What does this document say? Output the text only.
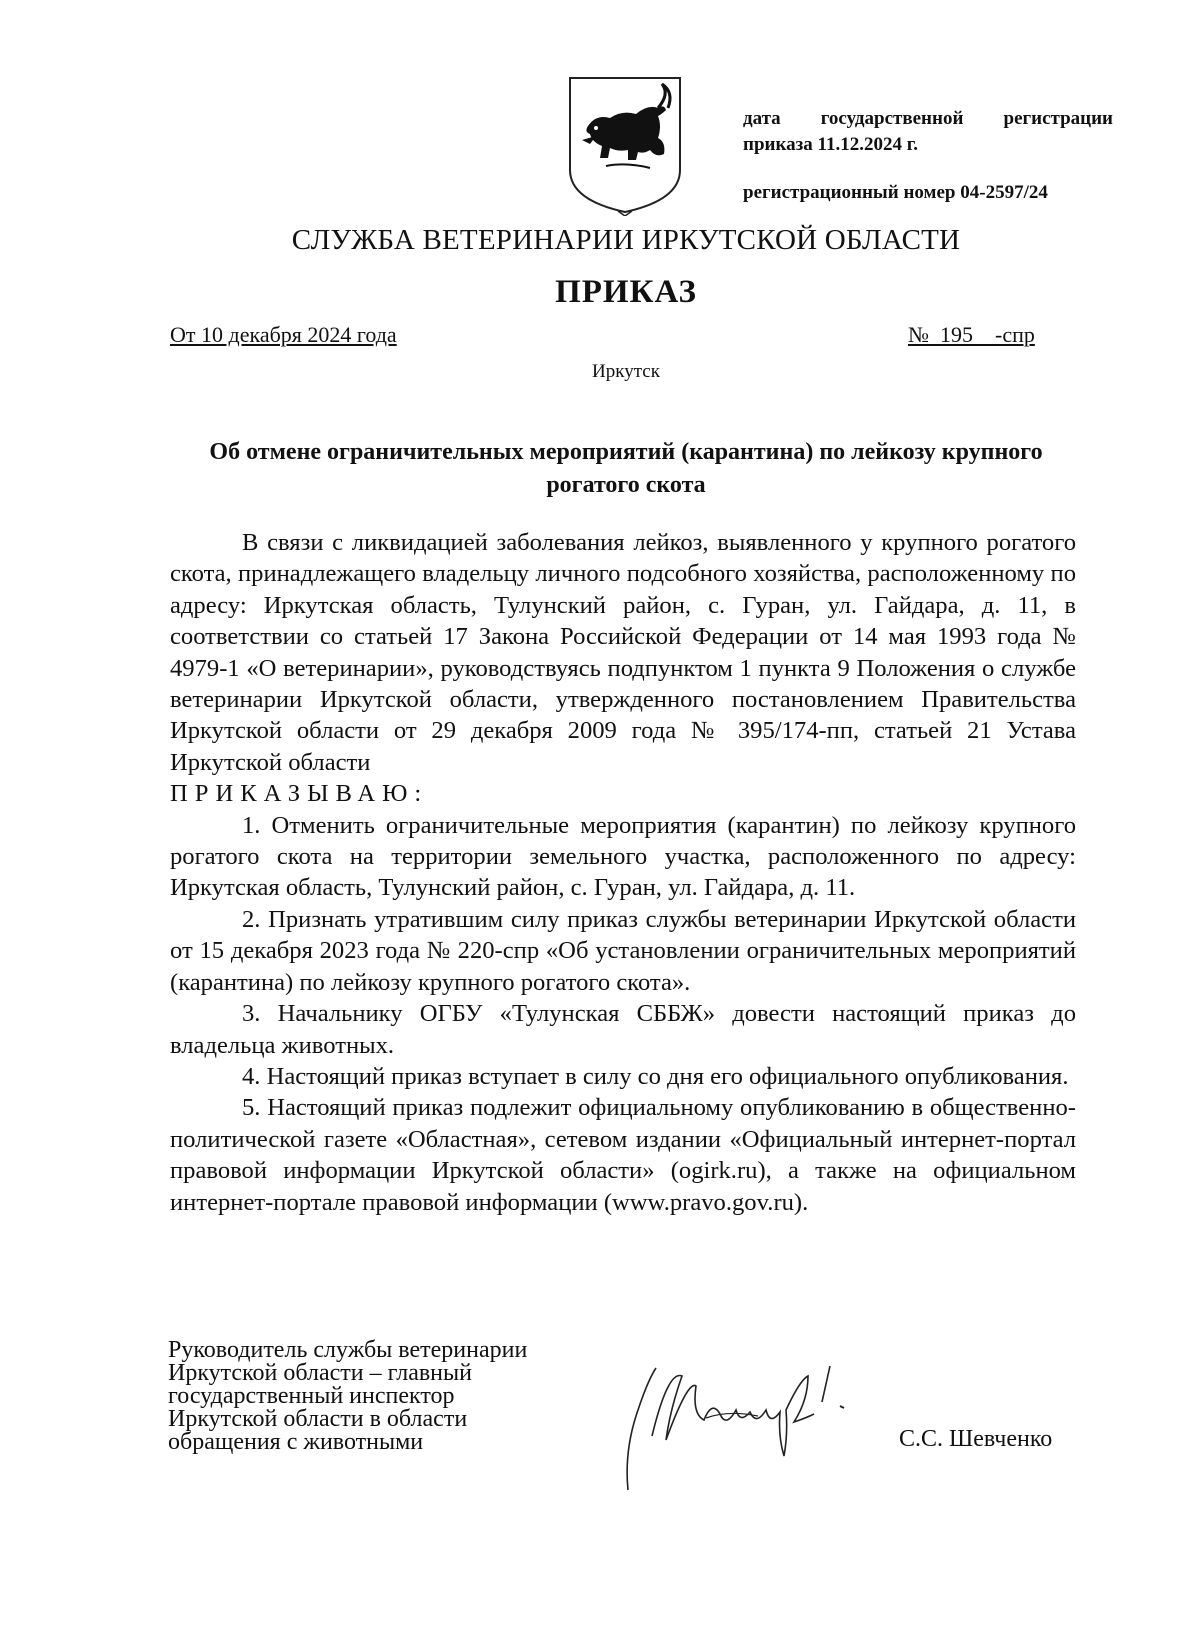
дата государственной регистрации
приказа 11.12.2024 г.
регистрационный номер 04-2597/24
СЛУЖБА ВЕТЕРИНАРИИ ИРКУТСКОЙ ОБЛАСТИ
ПРИКАЗ
От 10 декабря 2024 года	№  195    -спр
Иркутск
Об отмене ограничительных мероприятий (карантина) по лейкозу крупного рогатого скота

В связи с ликвидацией заболевания лейкоз, выявленного у крупного рогатого скота, принадлежащего владельцу личного подсобного хозяйства, расположенному по адресу: Иркутская область, Тулунский район, с. Гуран, ул. Гайдара, д. 11, в соответствии со статьей 17 Закона Российской Федерации от 14 мая 1993 года № 4979-1 «О ветеринарии», руководствуясь подпунктом 1 пункта 9 Положения о службе ветеринарии Иркутской области, утвержденного постановлением Правительства Иркутской области от 29 декабря 2009 года № 395/174-пп, статьей 21 Устава Иркутской области

ПРИКАЗЫВАЮ:

1. Отменить ограничительные мероприятия (карантин) по лейкозу крупного рогатого скота на территории земельного участка, расположенного по адресу: Иркутская область, Тулунский район, с. Гуран, ул. Гайдара, д. 11.

2. Признать утратившим силу приказ службы ветеринарии Иркутской области от 15 декабря 2023 года № 220-спр «Об установлении ограничительных мероприятий (карантина) по лейкозу крупного рогатого скота».

3. Начальнику ОГБУ «Тулунская СББЖ» довести настоящий приказ до владельца животных.

4. Настоящий приказ вступает в силу со дня его официального опубликования.

5. Настоящий приказ подлежит официальному опубликованию в общественно-политической газете «Областная», сетевом издании «Официальный интернет-портал правовой информации Иркутской области» (ogirk.ru), а также на официальном интернет-портале правовой информации (www.pravo.gov.ru).

Руководитель службы ветеринарии
Иркутской области – главный
государственный инспектор
Иркутской области в области
обращения с животными	С.С. Шевченко
